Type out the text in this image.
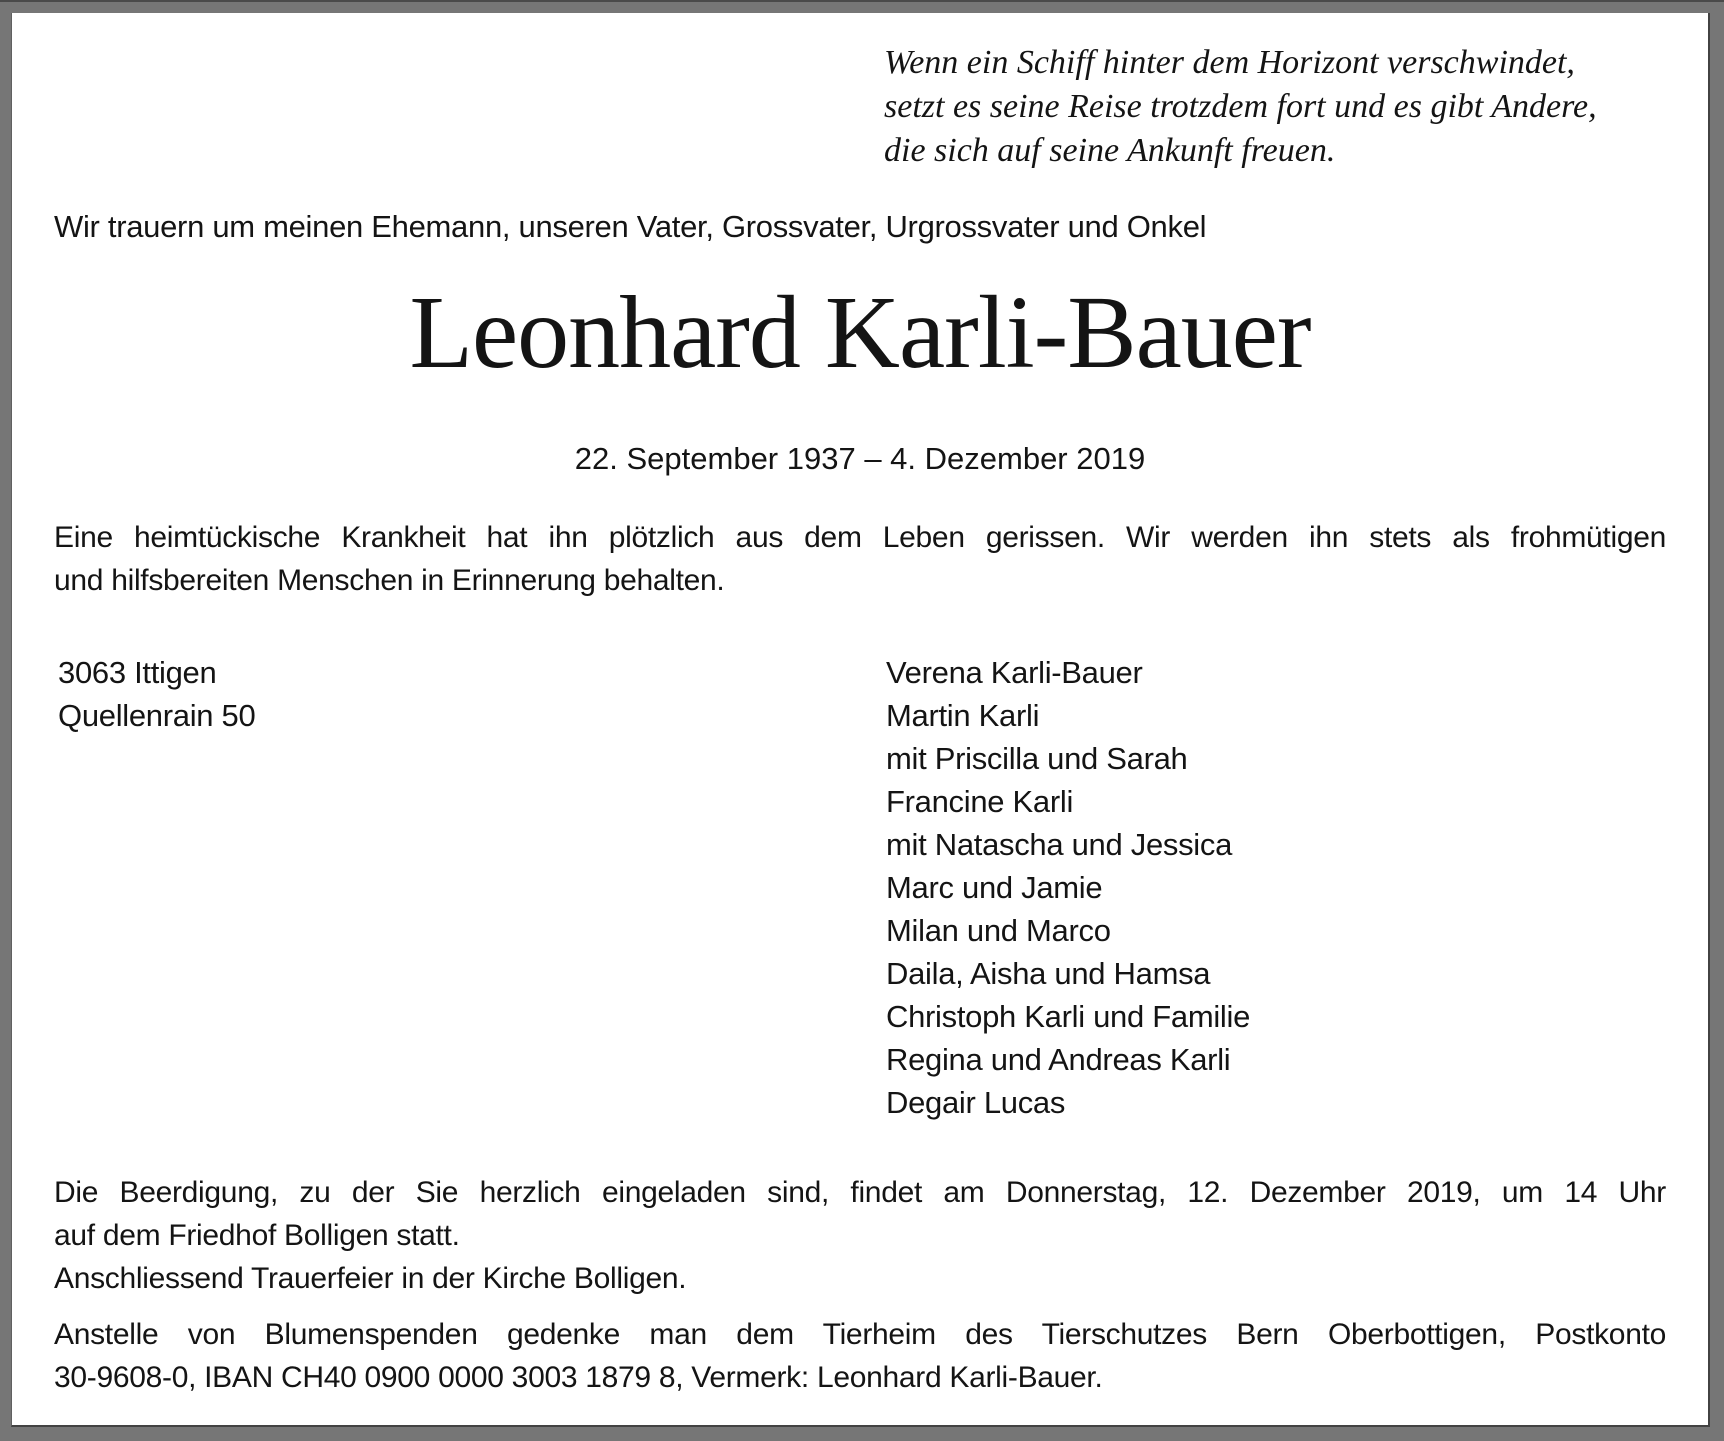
Wenn ein Schiff hinter dem Horizont verschwindet,
setzt es seine Reise trotzdem fort und es gibt Andere,
die sich auf seine Ankunft freuen.
Wir trauern um meinen Ehemann, unseren Vater, Grossvater, Urgrossvater und Onkel
Leonhard Karli-Bauer
22. September 1937 – 4. Dezember 2019
Eine heimtückische Krankheit hat ihn plötzlich aus dem Leben gerissen. Wir werden ihn stets als frohmütigen
und hilfsbereiten Menschen in Erinnerung behalten.
3063 Ittigen
Quellenrain 50
Verena Karli-Bauer
Martin Karli
mit Priscilla und Sarah
Francine Karli
mit Natascha und Jessica
Marc und Jamie
Milan und Marco
Daila, Aisha und Hamsa
Christoph Karli und Familie
Regina und Andreas Karli
Degair Lucas
Die Beerdigung, zu der Sie herzlich eingeladen sind, findet am Donnerstag, 12. Dezember 2019, um 14 Uhr
auf dem Friedhof Bolligen statt.
Anschliessend Trauerfeier in der Kirche Bolligen.
Anstelle von Blumenspenden gedenke man dem Tierheim des Tierschutzes Bern Oberbottigen, Postkonto
30-9608-0, IBAN CH40 0900 0000 3003 1879 8, Vermerk: Leonhard Karli-Bauer.
